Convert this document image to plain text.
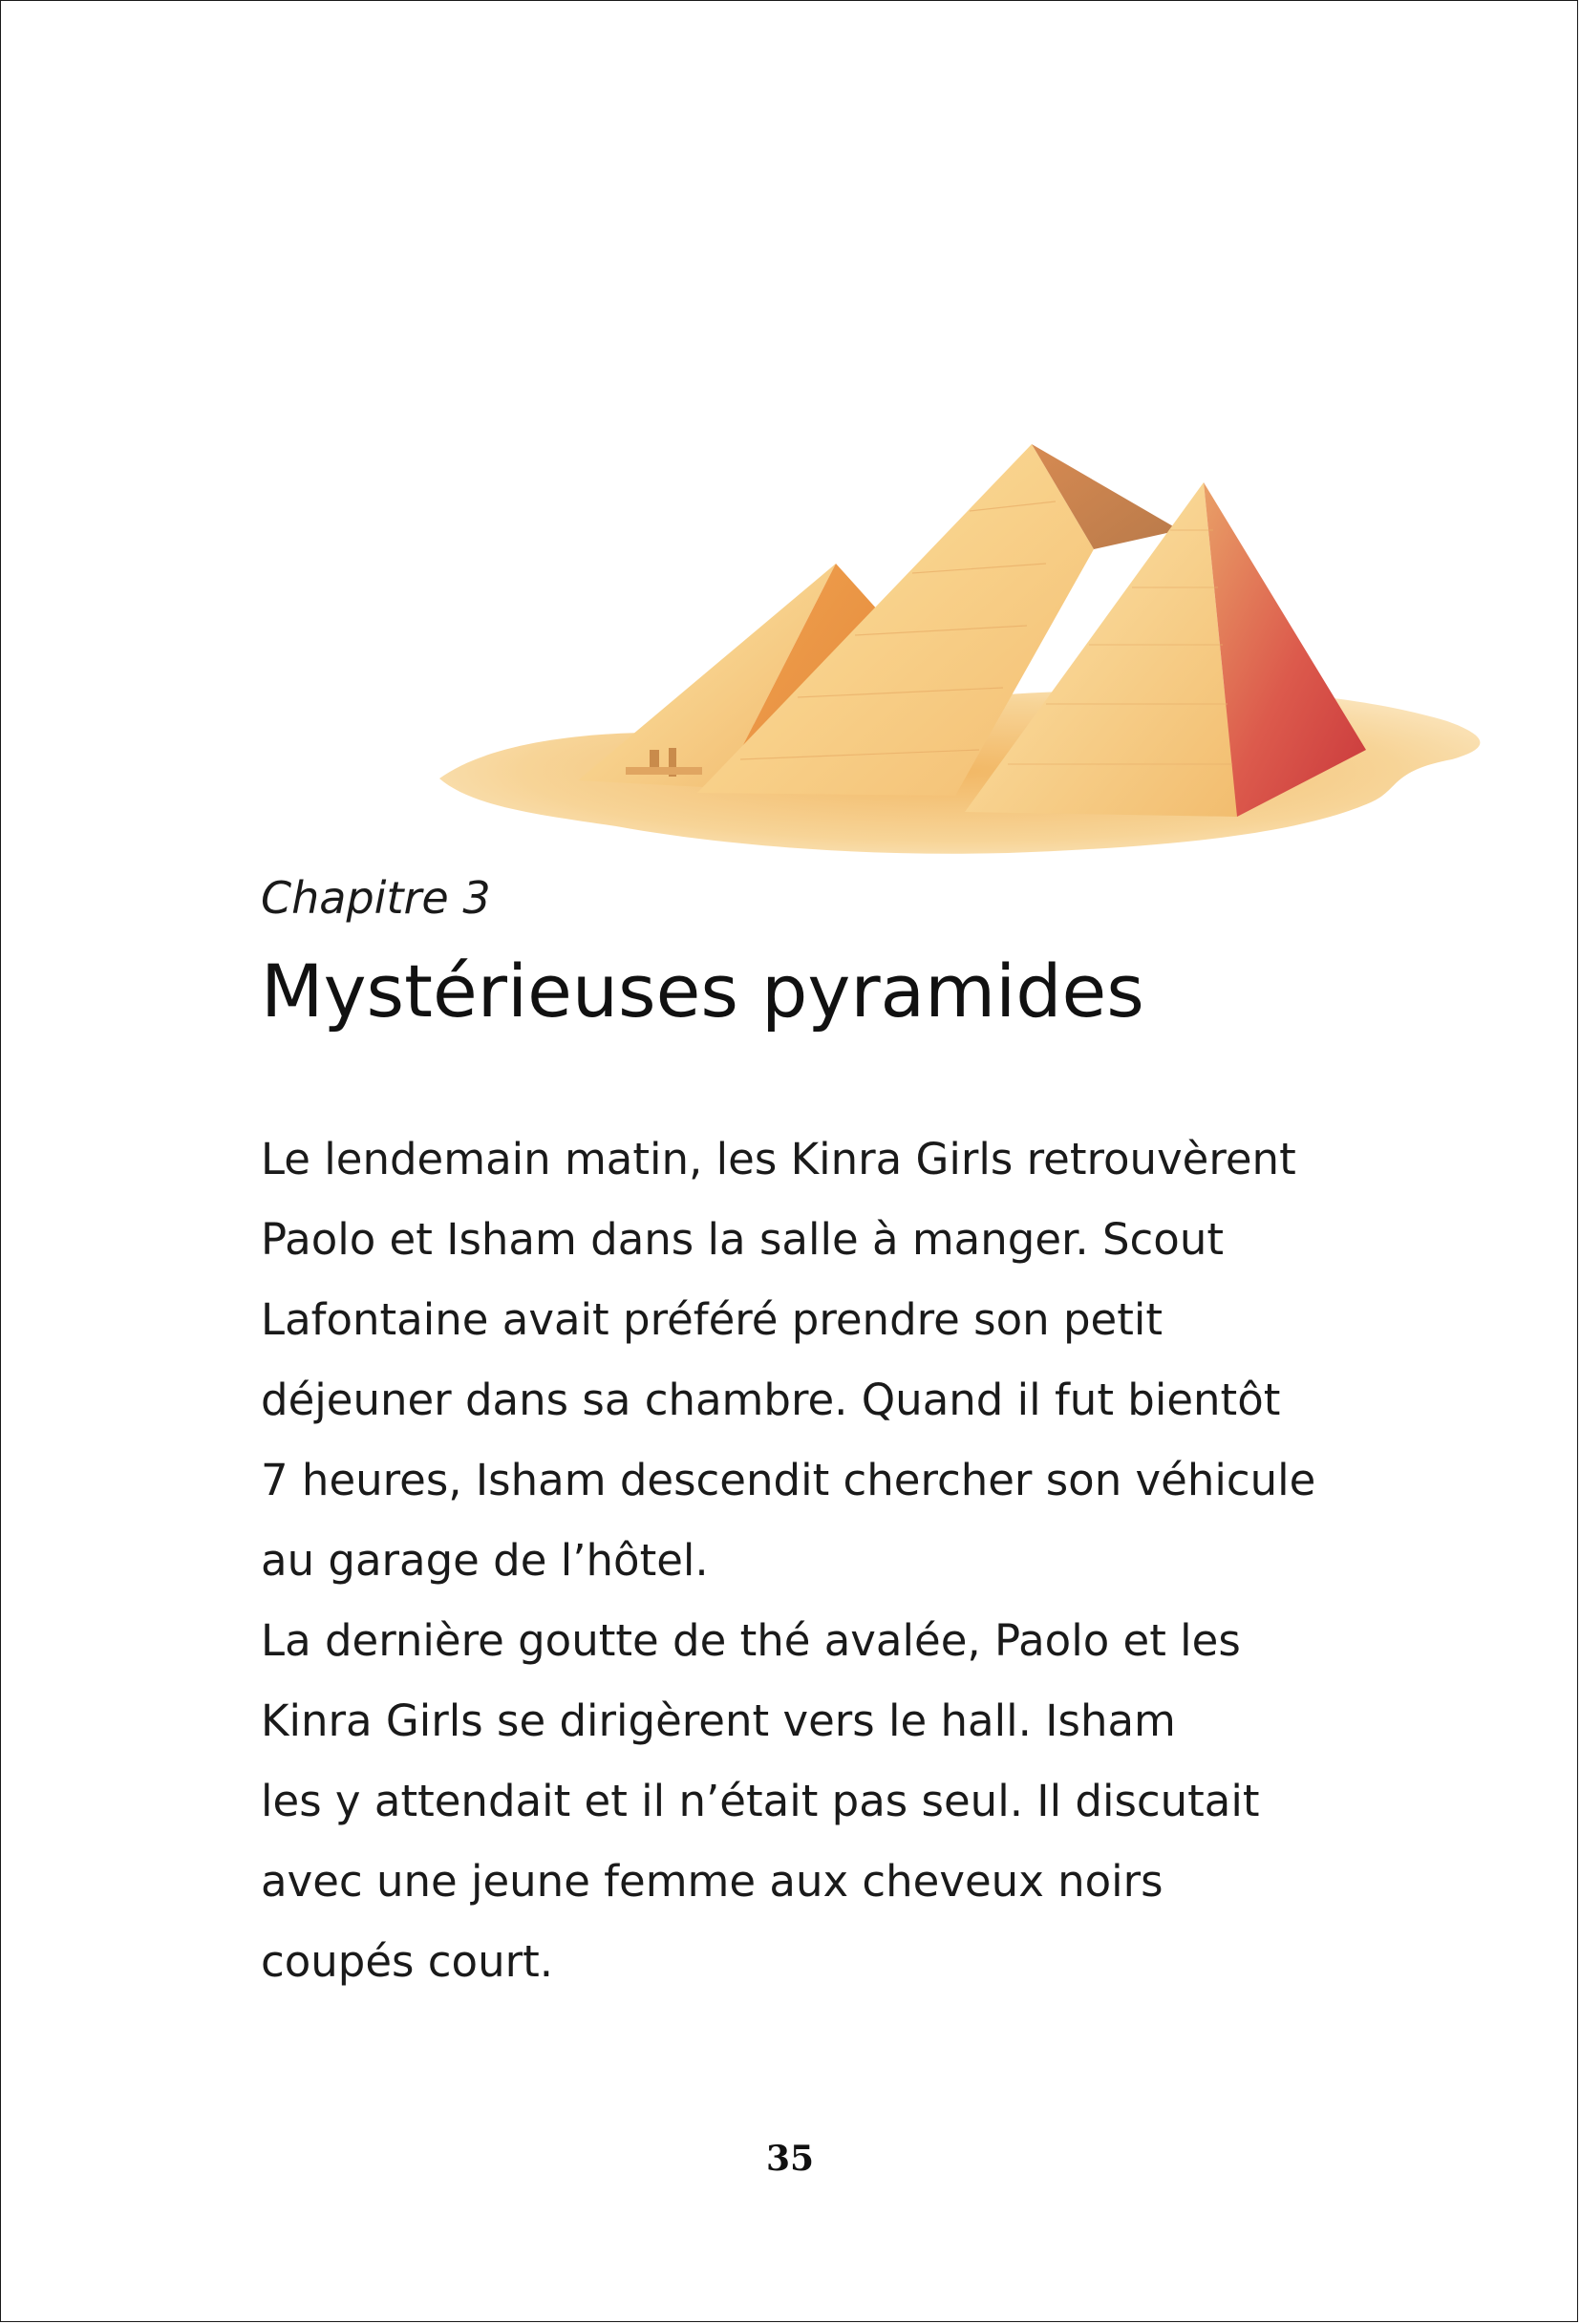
Chapitre 3
Mystérieuses pyramides
Le lendemain matin, les Kinra Girls retrouvèrent
Paolo et Isham dans la salle à manger. Scout
Lafontaine avait préféré prendre son petit
déjeuner dans sa chambre. Quand il fut bientôt
7 heures, Isham descendit chercher son véhicule
au garage de l’hôtel.
La dernière goutte de thé avalée, Paolo et les
Kinra Girls se dirigèrent vers le hall. Isham
les y attendait et il n’était pas seul. Il discutait
avec une jeune femme aux cheveux noirs
coupés court.
35
